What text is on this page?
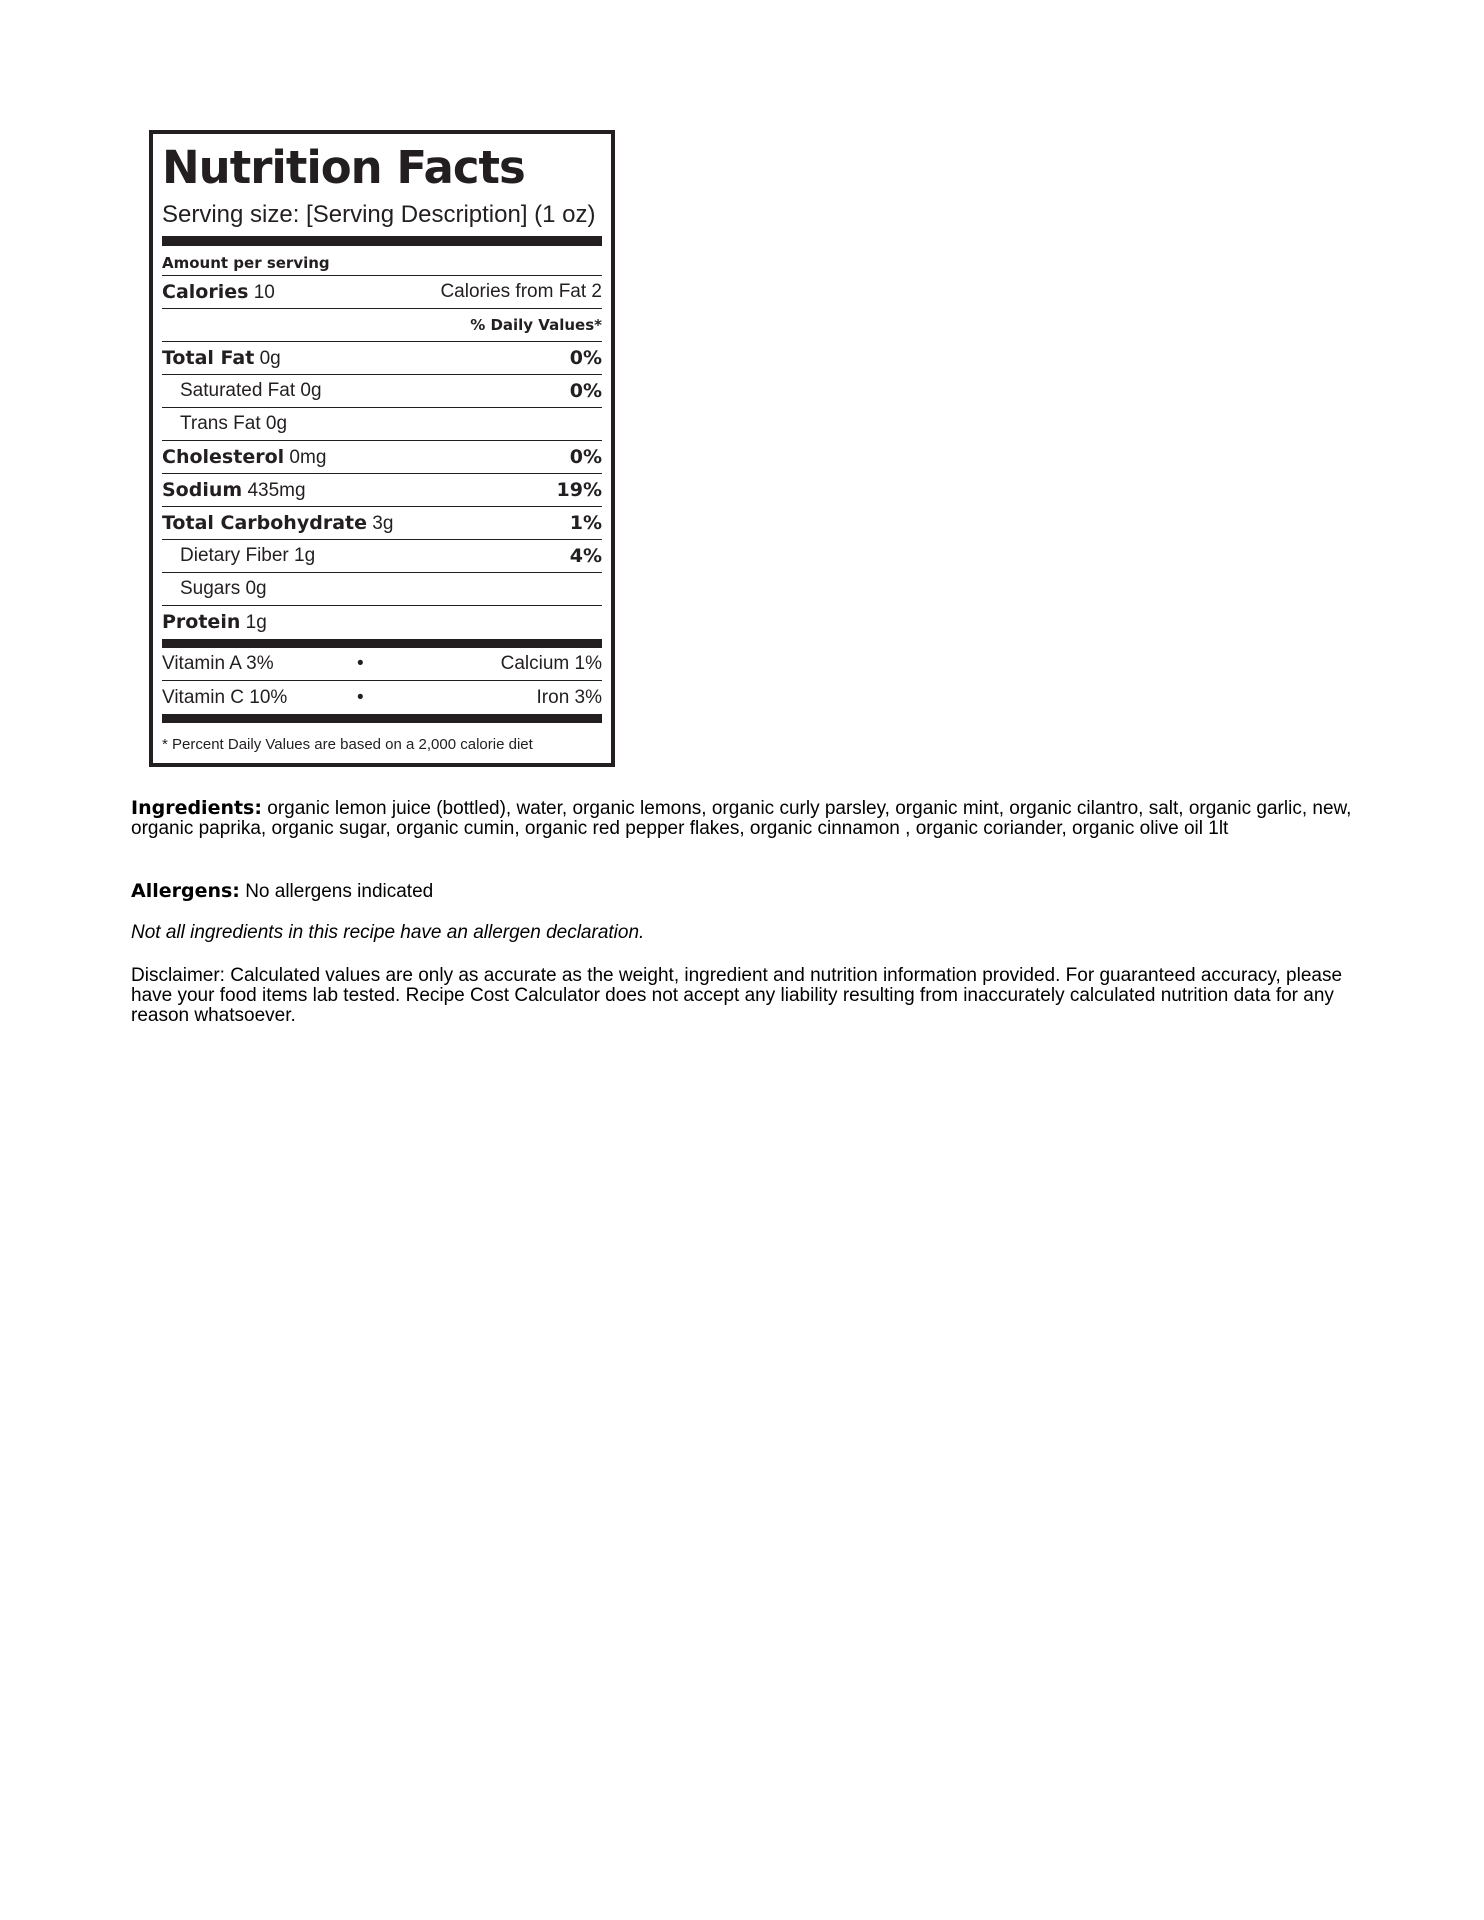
Nutrition Facts
Serving size: [Serving Description] (1 oz)
Amount per serving
Calories 10	Calories from Fat 2
% Daily Values*
Total Fat 0g	0%
Saturated Fat 0g	0%
Trans Fat 0g
Cholesterol 0mg	0%
Sodium 435mg	19%
Total Carbohydrate 3g	1%
Dietary Fiber 1g	4%
Sugars 0g
Protein 1g
Vitamin A 3%	•	Calcium 1%
Vitamin C 10%	•	Iron 3%
* Percent Daily Values are based on a 2,000 calorie diet
Ingredients: organic lemon juice (bottled), water, organic lemons, organic curly parsley, organic mint, organic cilantro, salt, organic garlic, new, organic paprika, organic sugar, organic cumin, organic red pepper flakes, organic cinnamon , organic coriander, organic olive oil 1lt
Allergens: No allergens indicated
Not all ingredients in this recipe have an allergen declaration.
Disclaimer: Calculated values are only as accurate as the weight, ingredient and nutrition information provided. For guaranteed accuracy, please have your food items lab tested. Recipe Cost Calculator does not accept any liability resulting from inaccurately calculated nutrition data for any reason whatsoever.
